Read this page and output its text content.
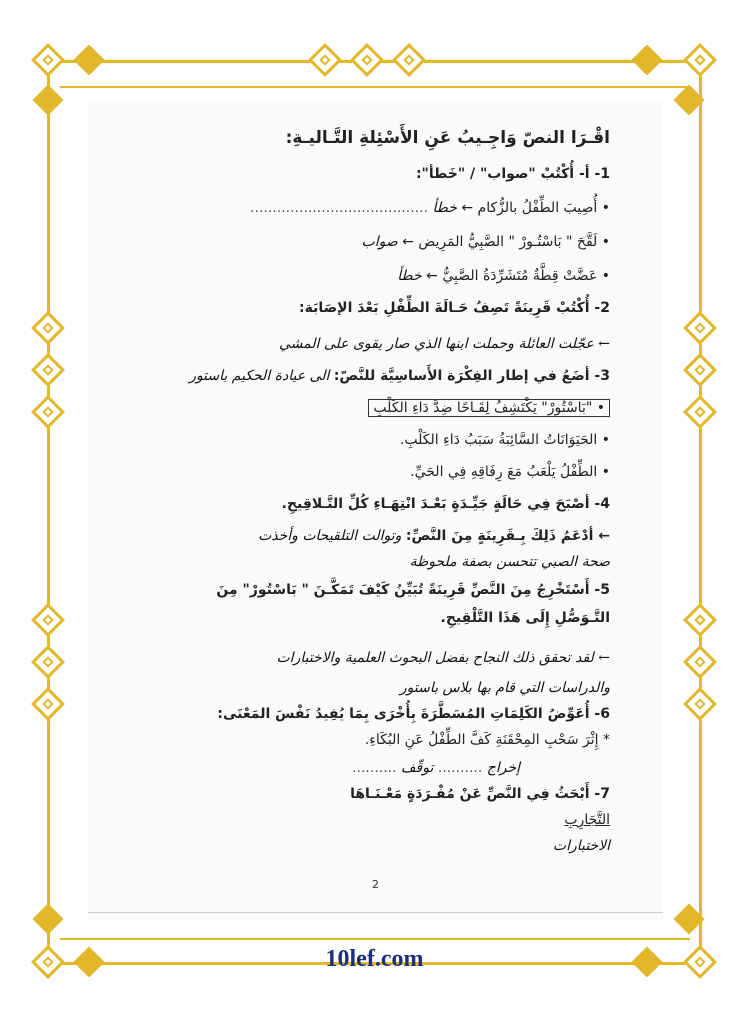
اقْـرَا النصّ وَاجِـيبُ عَنِ الأَسْئِلةِ التَّـاليـةِ:
1- أ- أُكْتُبْ "صواب" / "خَطأ":
• أُصِيبَ الطِّفْلُ بالزُّكام ← خطأ ........................................
• لَقَّحَ " بَاسْتُـورْ " الصَّبِيُّ المَرِيض ← صواب
• عَضَّتْ قِطَّةٌ مُتَشَرِّدَةُ الصَّبِيُّ ← خطأ
2- أُكْتُبْ قَرِينَةً تَصِفُ حَـالَةَ الطِّفْلِ بَعْدَ الإصَابَة:
← عجّلت العائلة وحملت ابنها الذي صار يقوى على المشي
3- أضَعُ في إطار الفِكْرَة الأَساسِيَّة للنَّصّ: الى عيادة الحكيم باستور
• "بَاسْتُورْ" يَكْتَشِفُ لِقَـاحًا ضِدَّ دَاءِ الكَلْبِ
• الحَيَوَانَاتُ السَّائِبَةُ سَبَبُ دَاءِ الكَلْبِ.
• الطِّفْلُ يَلْعَبُ مَعَ رِفَاقِهِ فِي الحَيِّ.
4- أصْبَحَ فِي حَالَةٍ جَيِّـدَةٍ بَعْـدَ انْتِهَـاءِ كُلِّ التَّـلاقِيحِ.
← أدْعَمُ ذَلِكَ بِـقَرِينَةٍ مِنَ النَّصِّ: وتوالت التلقيحات وأخذت
صحة الصبي تتحسن بصفة ملحوظة
5- أَسْتَخْرِجُ مِنَ النَّصِّ قَرِينَةً تُبَيِّنُ كَيْفَ تَمَكَّـنَ " بَاسْتُورْ" مِنَ
التَّـوَصُّلِ إِلَى هَذَا التَّلْقِيحِ.
← لقد تحقق ذلك النجاح بفضل البحوث العلمية والاختبارات
والدراسات التي قام بها بلاس باستور
6- أُعَوِّضُ الكَلِمَاتِ المُسَطَّرَةَ بِأُخْرَى بِمَا يُفِيدُ نَفْسَ المَعْنَى:
* إِثْرَ سَحْبِ المِحْقَنَةِ كَفَّ الطِّفْلُ عَنِ البُكَاءِ.
إخراج .......... توقّف ..........
7- أَبْحَثُ فِي النَّصِّ عَنْ مُفْـرَدَةٍ مَعْـنَـاهَا
التَّجَارِبِ
الاختبارات
2
10lef.com
